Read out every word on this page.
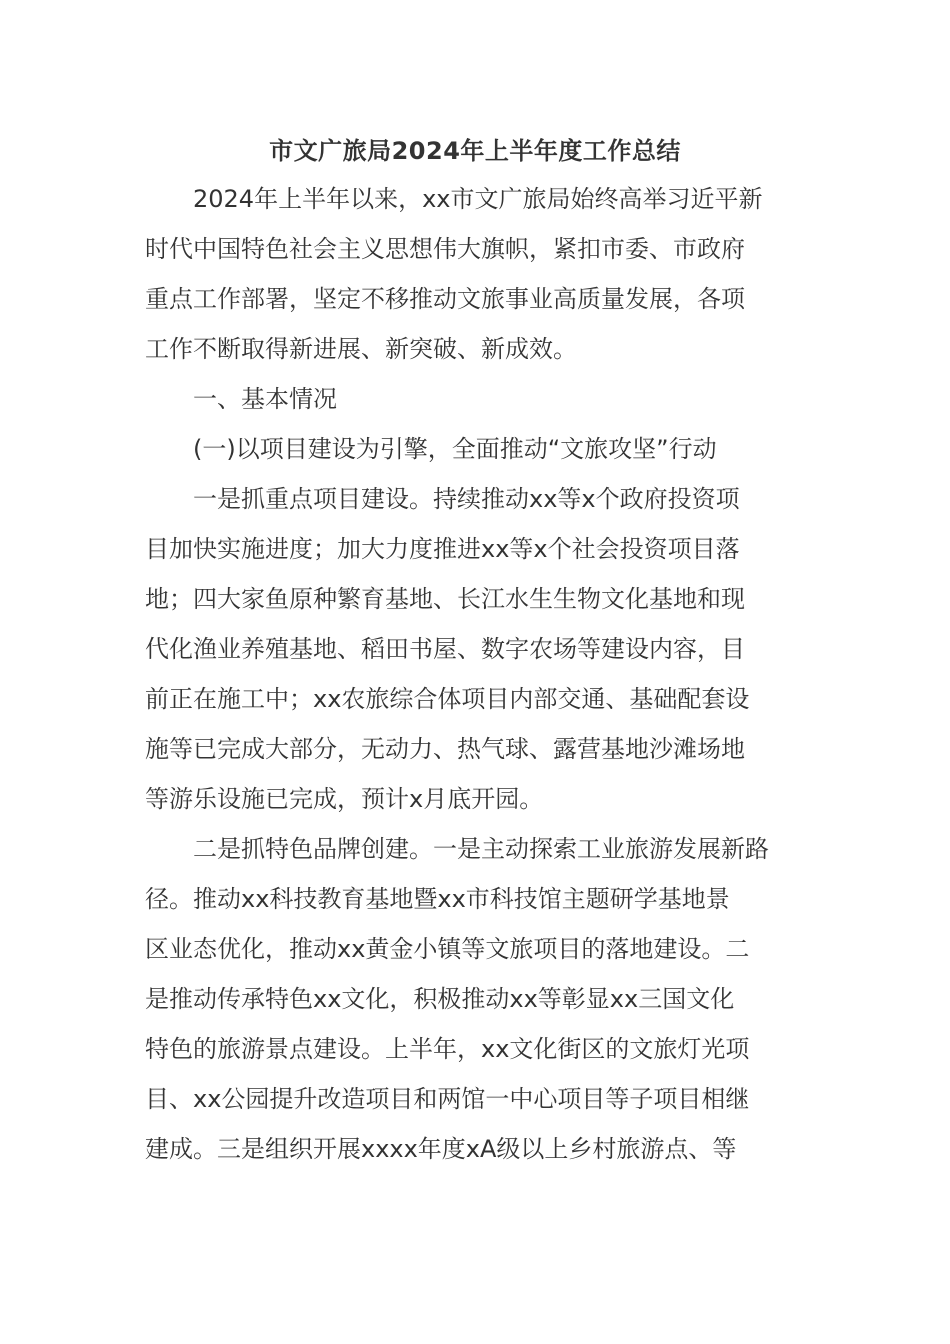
市文广旅局2024年上半年度工作总结
　　2024年上半年以来，xx市文广旅局始终高举习近平新
时代中国特色社会主义思想伟大旗帜，紧扣市委、市政府
重点工作部署，坚定不移推动文旅事业高质量发展，各项
工作不断取得新进展、新突破、新成效。
　　一、基本情况
　　(一)以项目建设为引擎，全面推动“文旅攻坚”行动
　　一是抓重点项目建设。持续推动xx等x个政府投资项
目加快实施进度；加大力度推进xx等x个社会投资项目落
地；四大家鱼原种繁育基地、长江水生生物文化基地和现
代化渔业养殖基地、稻田书屋、数字农场等建设内容，目
前正在施工中；xx农旅综合体项目内部交通、基础配套设
施等已完成大部分，无动力、热气球、露营基地沙滩场地
等游乐设施已完成，预计x月底开园。
　　二是抓特色品牌创建。一是主动探索工业旅游发展新路
径。推动xx科技教育基地暨xx市科技馆主题研学基地景
区业态优化，推动xx黄金小镇等文旅项目的落地建设。二
是推动传承特色xx文化，积极推动xx等彰显xx三国文化
特色的旅游景点建设。上半年，xx文化街区的文旅灯光项
目、xx公园提升改造项目和两馆一中心项目等子项目相继
建成。三是组织开展xxxx年度xA级以上乡村旅游点、等
